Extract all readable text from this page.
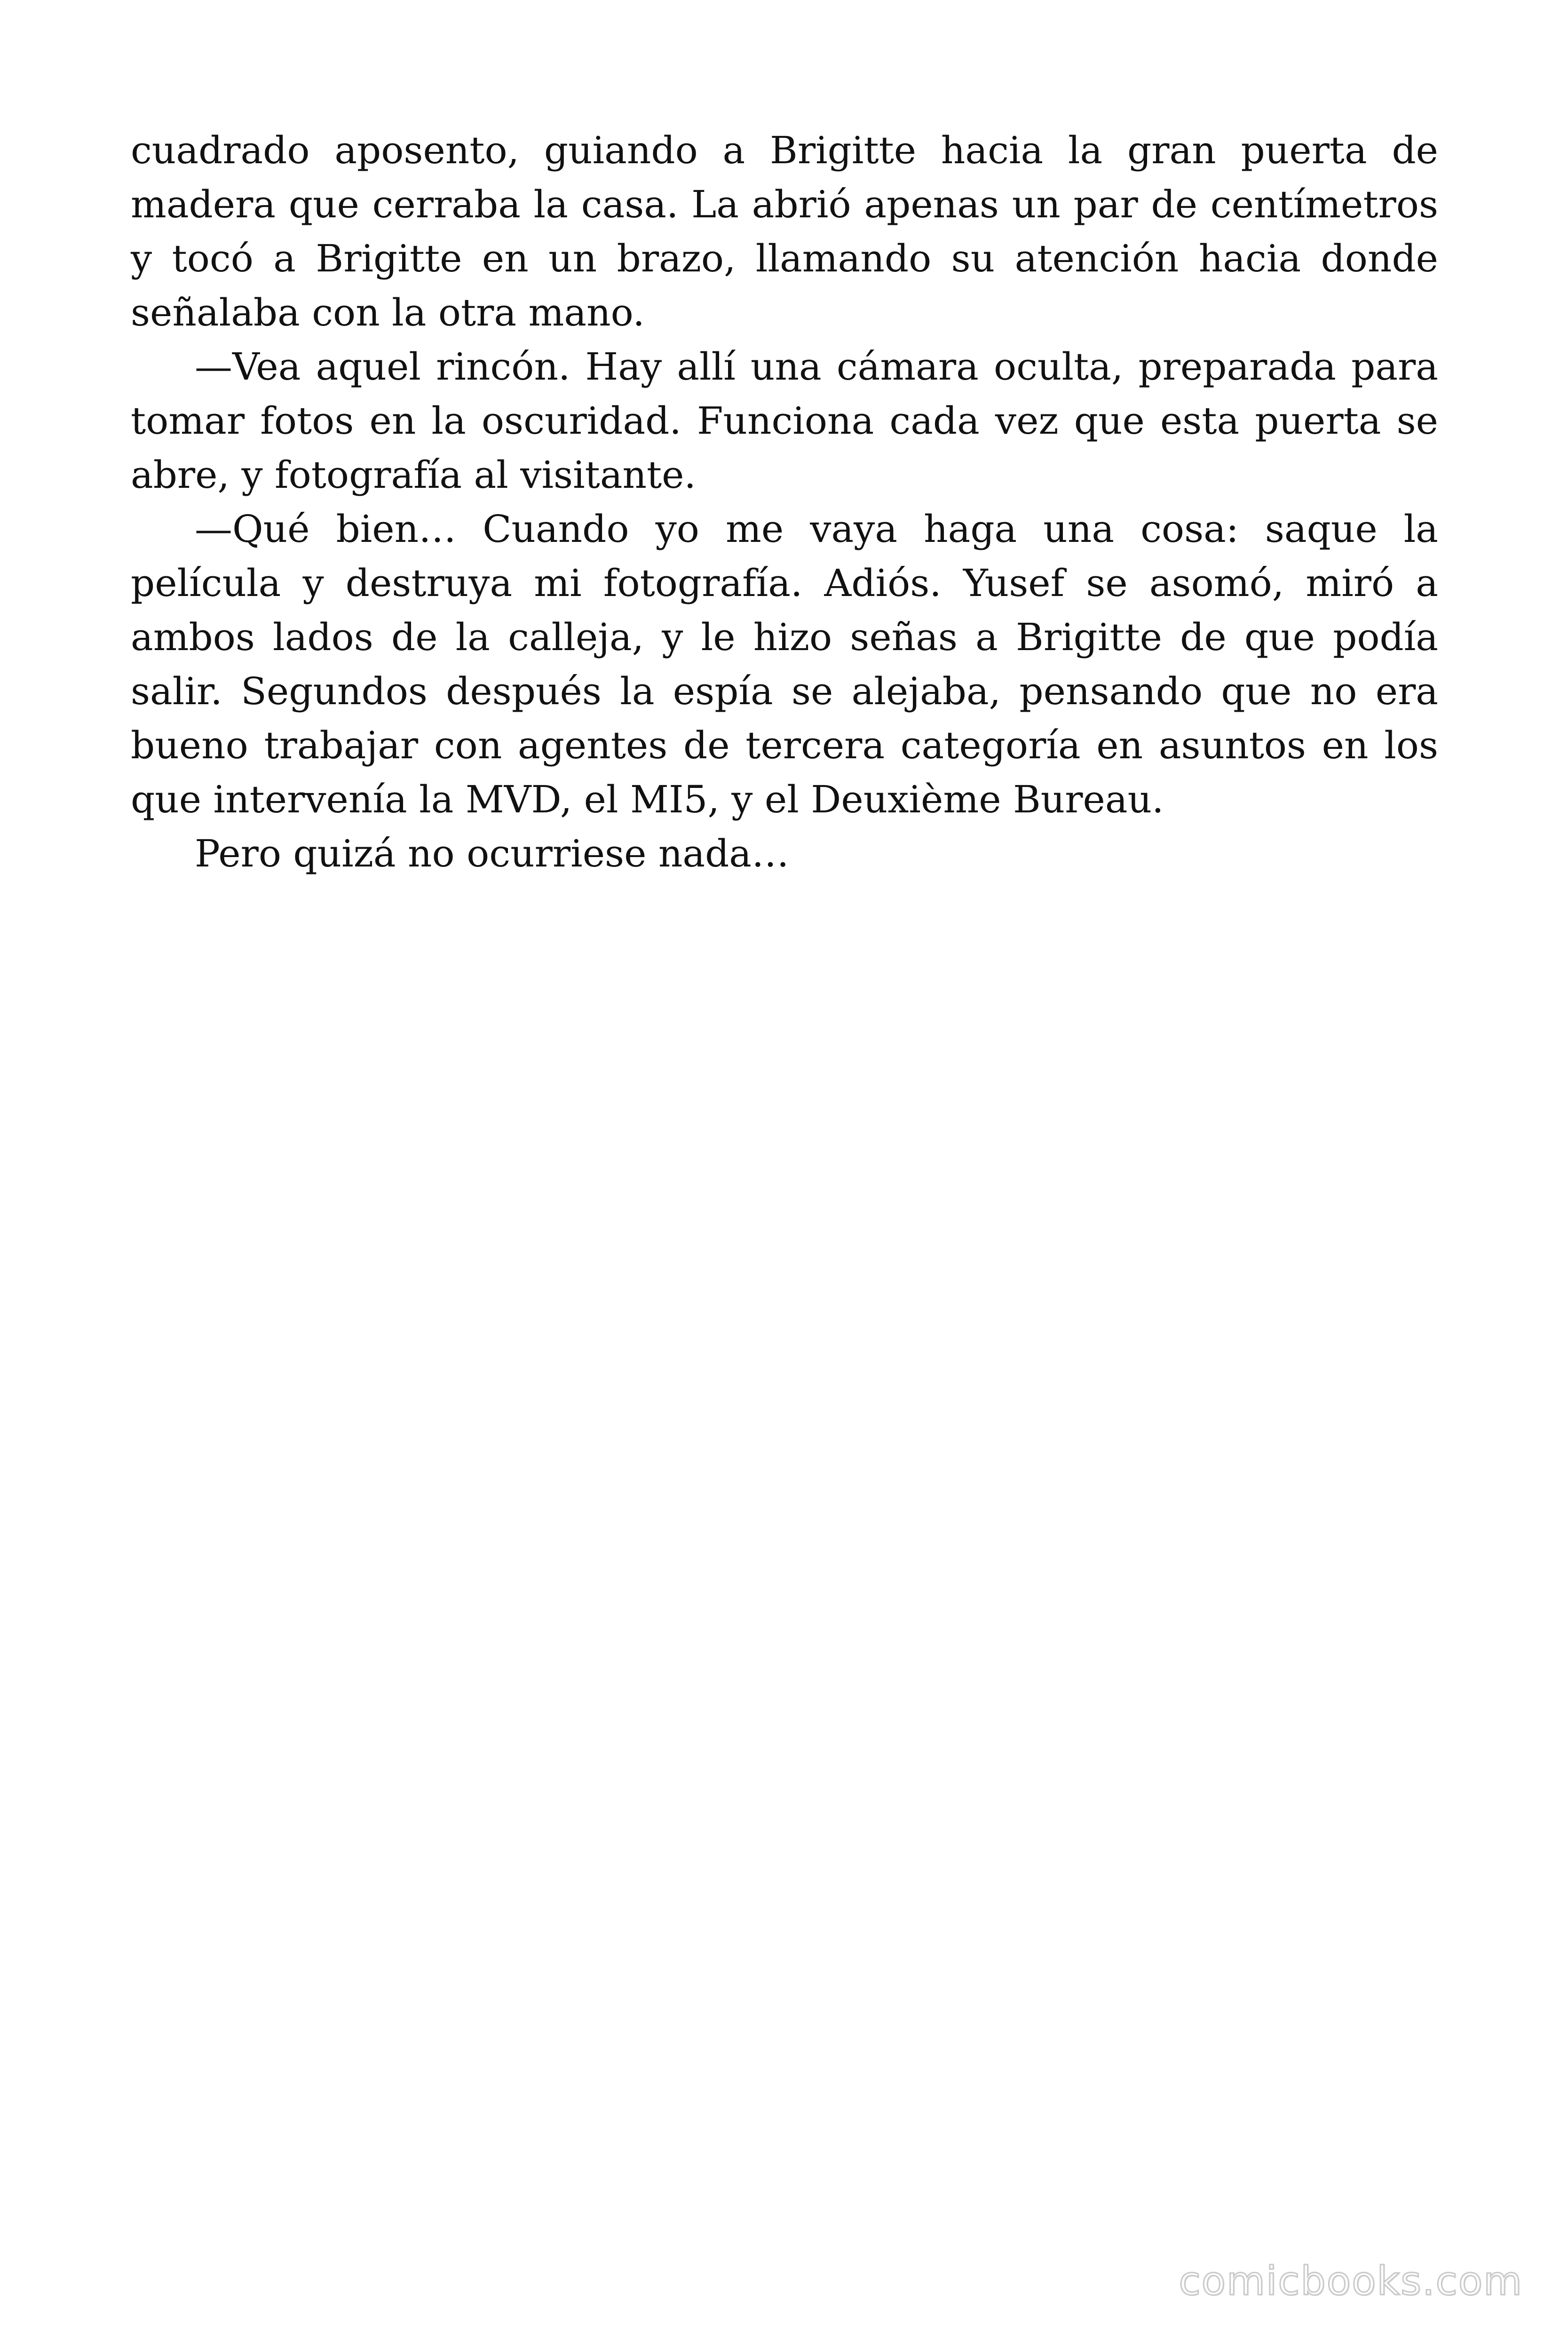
cuadrado aposento, guiando a Brigitte hacia la gran puerta de madera que cerraba la casa. La abrió apenas un par de centímetros y tocó a Brigitte en un brazo, llamando su atención hacia donde señalaba con la otra mano.

—Vea aquel rincón. Hay allí una cámara oculta, preparada para tomar fotos en la oscuridad. Funciona cada vez que esta puerta se abre, y fotografía al visitante.

—Qué bien… Cuando yo me vaya haga una cosa: saque la película y destruya mi fotografía. Adiós. Yusef se asomó, miró a ambos lados de la calleja, y le hizo señas a Brigitte de que podía salir. Segundos después la espía se alejaba, pensando que no era bueno trabajar con agentes de tercera categoría en asuntos en los que intervenía la MVD, el MI5, y el Deuxième Bureau.

Pero quizá no ocurriese nada…

comicbooks.com
